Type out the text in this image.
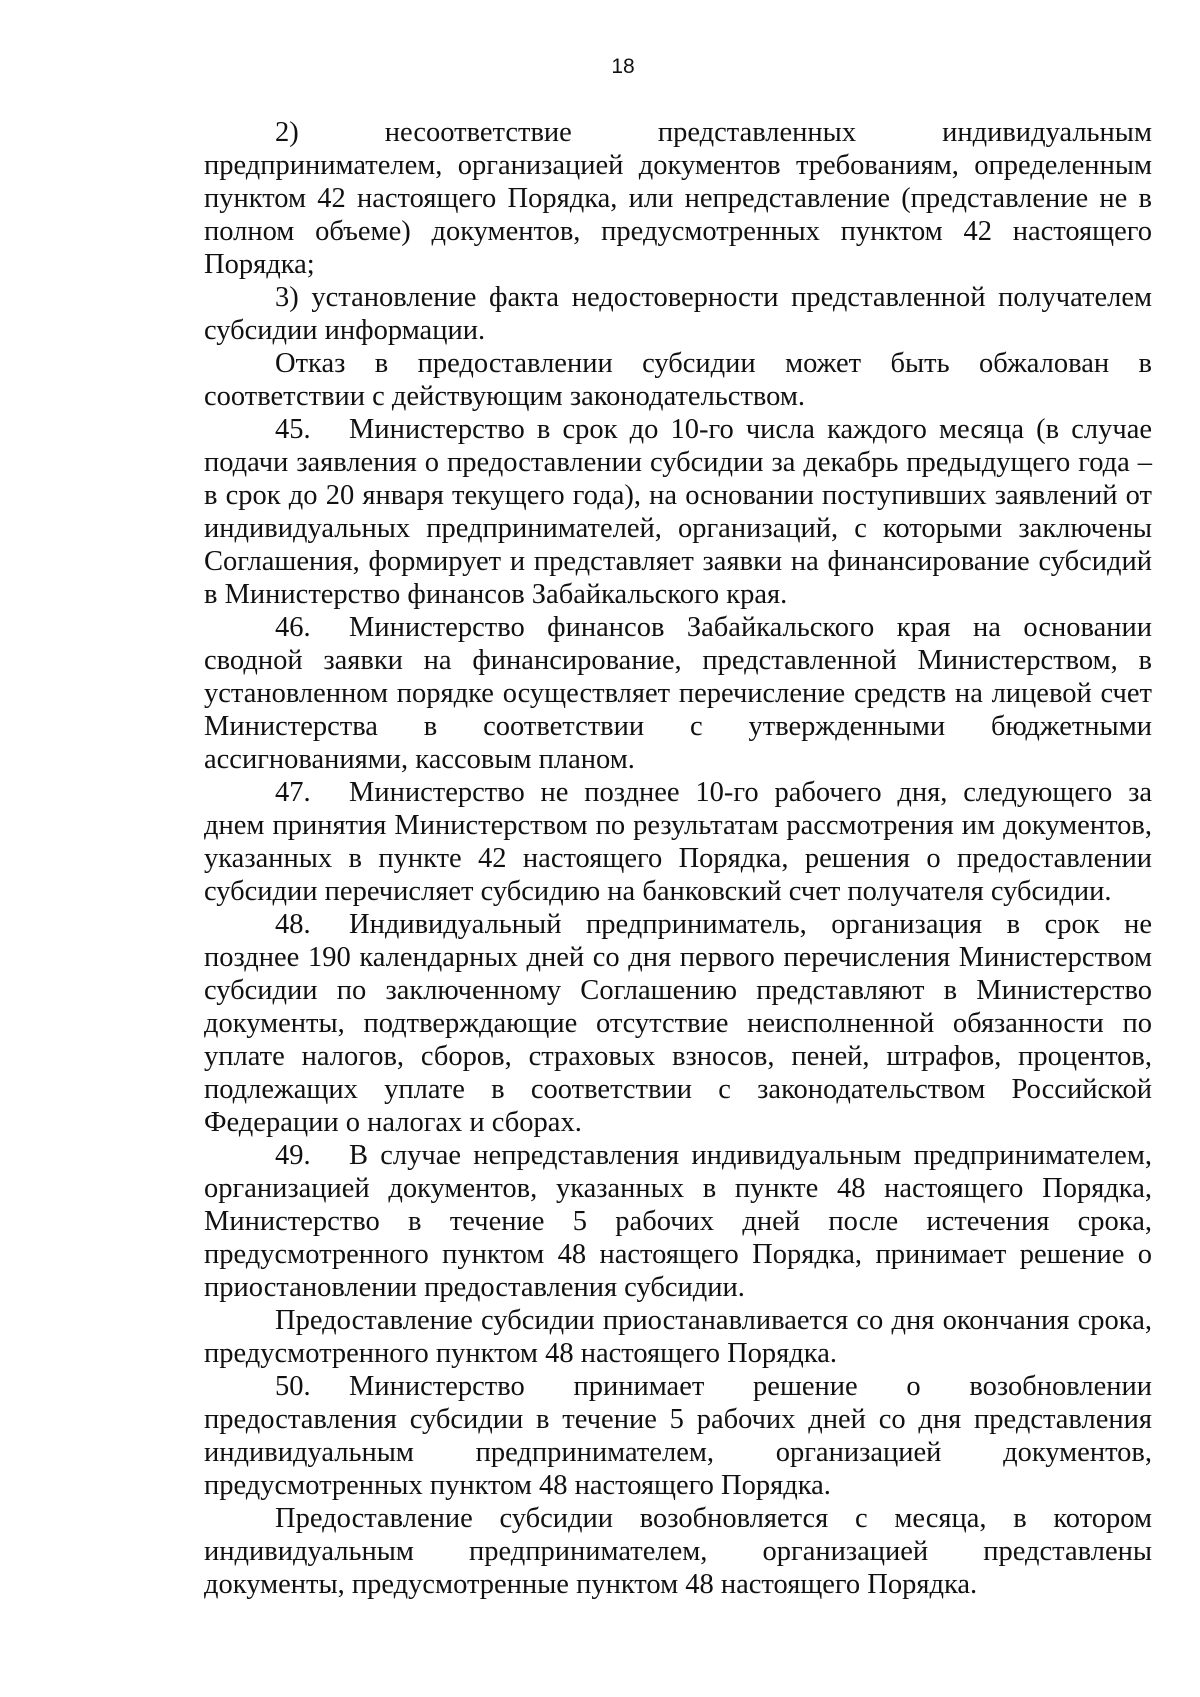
18

2) несоответствие представленных индивидуальным предпринимателем, организацией документов требованиям, определенным пунктом 42 настоящего Порядка, или непредставление (представление не в полном объеме) документов, предусмотренных пунктом 42 настоящего Порядка;

3) установление факта недостоверности представленной получателем субсидии информации.

Отказ в предоставлении субсидии может быть обжалован в соответствии с действующим законодательством.

45. Министерство в срок до 10-го числа каждого месяца (в случае подачи заявления о предоставлении субсидии за декабрь предыдущего года – в срок до 20 января текущего года), на основании поступивших заявлений от индивидуальных предпринимателей, организаций, с которыми заключены Соглашения, формирует и представляет заявки на финансирование субсидий в Министерство финансов Забайкальского края.

46. Министерство финансов Забайкальского края на основании сводной заявки на финансирование, представленной Министерством, в установленном порядке осуществляет перечисление средств на лицевой счет Министерства в соответствии с утвержденными бюджетными ассигнованиями, кассовым планом.

47. Министерство не позднее 10-го рабочего дня, следующего за днем принятия Министерством по результатам рассмотрения им документов, указанных в пункте 42 настоящего Порядка, решения о предоставлении субсидии перечисляет субсидию на банковский счет получателя субсидии.

48. Индивидуальный предприниматель, организация в срок не позднее 190 календарных дней со дня первого перечисления Министерством субсидии по заключенному Соглашению представляют в Министерство документы, подтверждающие отсутствие неисполненной обязанности по уплате налогов, сборов, страховых взносов, пеней, штрафов, процентов, подлежащих уплате в соответствии с законодательством Российской Федерации о налогах и сборах.

49. В случае непредставления индивидуальным предпринимателем, организацией документов, указанных в пункте 48 настоящего Порядка, Министерство в течение 5 рабочих дней после истечения срока, предусмотренного пунктом 48 настоящего Порядка, принимает решение о приостановлении предоставления субсидии.

Предоставление субсидии приостанавливается со дня окончания срока, предусмотренного пунктом 48 настоящего Порядка.

50. Министерство принимает решение о возобновлении предоставления субсидии в течение 5 рабочих дней со дня представления индивидуальным предпринимателем, организацией документов, предусмотренных пунктом 48 настоящего Порядка.

Предоставление субсидии возобновляется с месяца, в котором индивидуальным предпринимателем, организацией представлены документы, предусмотренные пунктом 48 настоящего Порядка.
